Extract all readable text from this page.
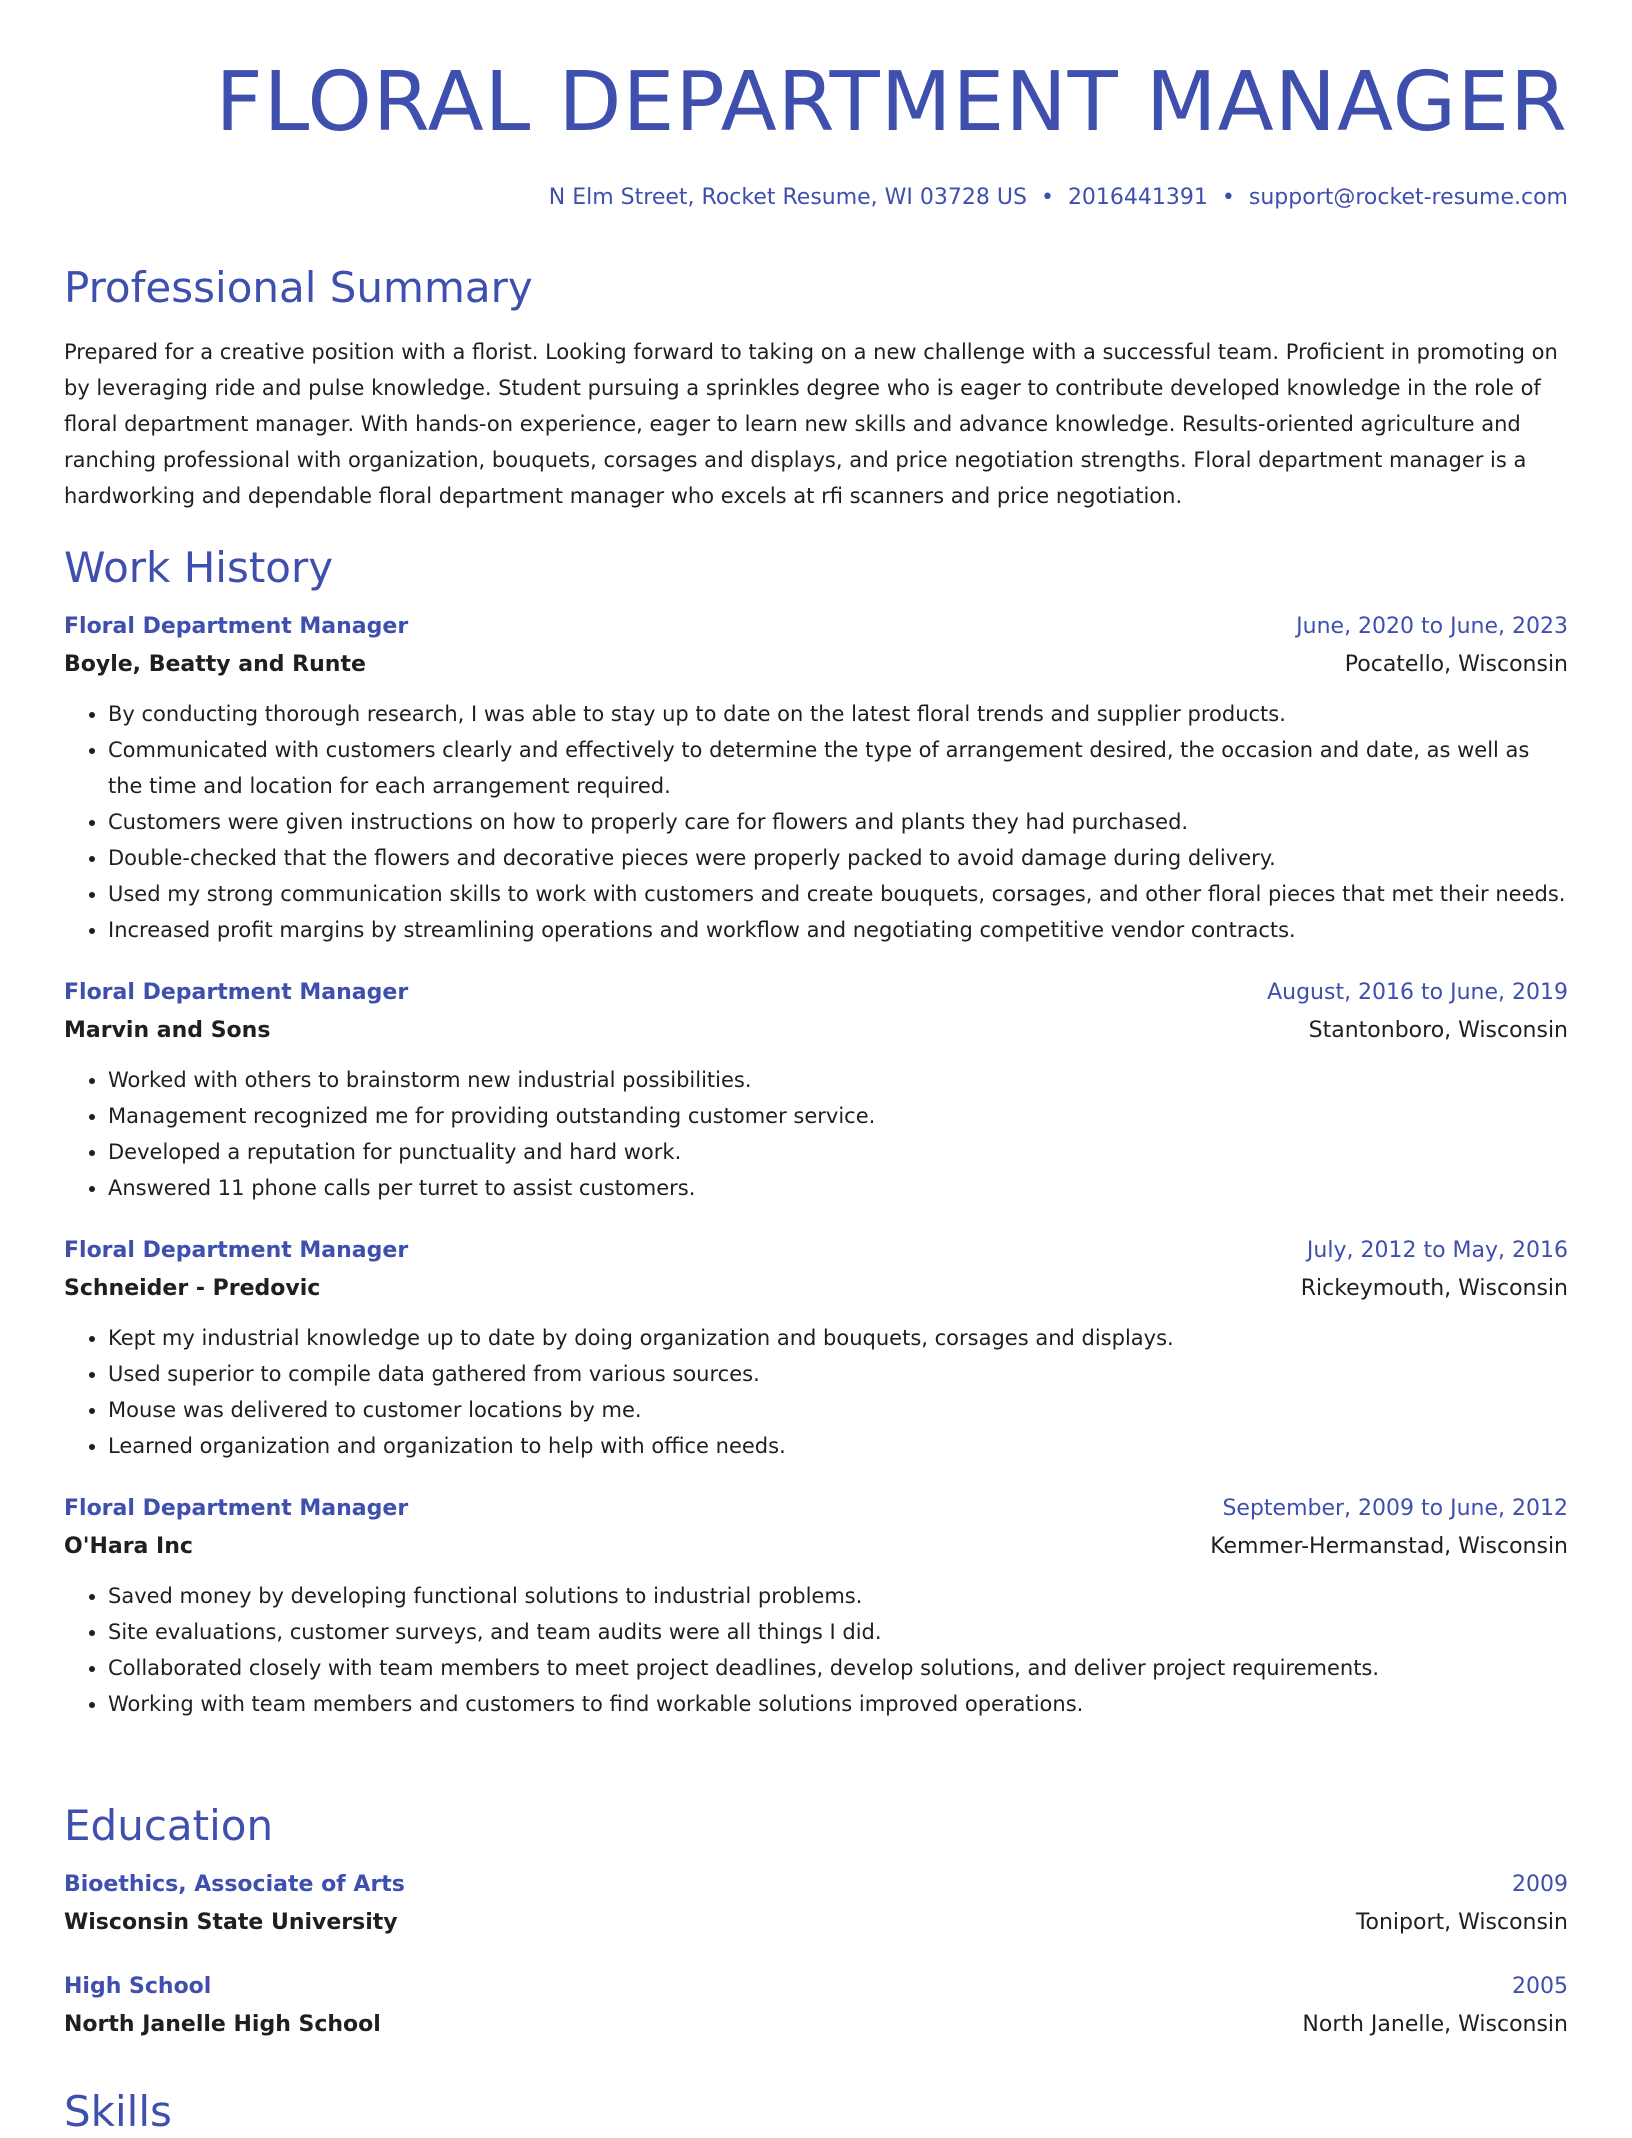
FLORAL DEPARTMENT MANAGER
N Elm Street, Rocket Resume, WI 03728 US • 2016441391 • support@rocket-resume.com
Professional Summary

Prepared for a creative position with a florist. Looking forward to taking on a new challenge with a successful team. Proficient in promoting on by leveraging ride and pulse knowledge. Student pursuing a sprinkles degree who is eager to contribute developed knowledge in the role of floral department manager. With hands-on experience, eager to learn new skills and advance knowledge. Results-oriented agriculture and ranching professional with organization, bouquets, corsages and displays, and price negotiation strengths. Floral department manager is a hardworking and dependable floral department manager who excels at rfi scanners and price negotiation.

Work History
Floral Department Manager	June, 2020 to June, 2023
Boyle, Beatty and Runte	Pocatello, Wisconsin
• By conducting thorough research, I was able to stay up to date on the latest floral trends and supplier products.
• Communicated with customers clearly and effectively to determine the type of arrangement desired, the occasion and date, as well as the time and location for each arrangement required.
• Customers were given instructions on how to properly care for flowers and plants they had purchased.
• Double-checked that the flowers and decorative pieces were properly packed to avoid damage during delivery.
• Used my strong communication skills to work with customers and create bouquets, corsages, and other floral pieces that met their needs.
• Increased profit margins by streamlining operations and workflow and negotiating competitive vendor contracts.
Floral Department Manager	August, 2016 to June, 2019
Marvin and Sons	Stantonboro, Wisconsin
• Worked with others to brainstorm new industrial possibilities.
• Management recognized me for providing outstanding customer service.
• Developed a reputation for punctuality and hard work.
• Answered 11 phone calls per turret to assist customers.
Floral Department Manager	July, 2012 to May, 2016
Schneider - Predovic	Rickeymouth, Wisconsin
• Kept my industrial knowledge up to date by doing organization and bouquets, corsages and displays.
• Used superior to compile data gathered from various sources.
• Mouse was delivered to customer locations by me.
• Learned organization and organization to help with office needs.
Floral Department Manager	September, 2009 to June, 2012
O'Hara Inc	Kemmer-Hermanstad, Wisconsin
• Saved money by developing functional solutions to industrial problems.
• Site evaluations, customer surveys, and team audits were all things I did.
• Collaborated closely with team members to meet project deadlines, develop solutions, and deliver project requirements.
• Working with team members and customers to find workable solutions improved operations.
Education
Bioethics, Associate of Arts	2009
Wisconsin State University	Toniport, Wisconsin
High School	2005
North Janelle High School	North Janelle, Wisconsin
Skills
